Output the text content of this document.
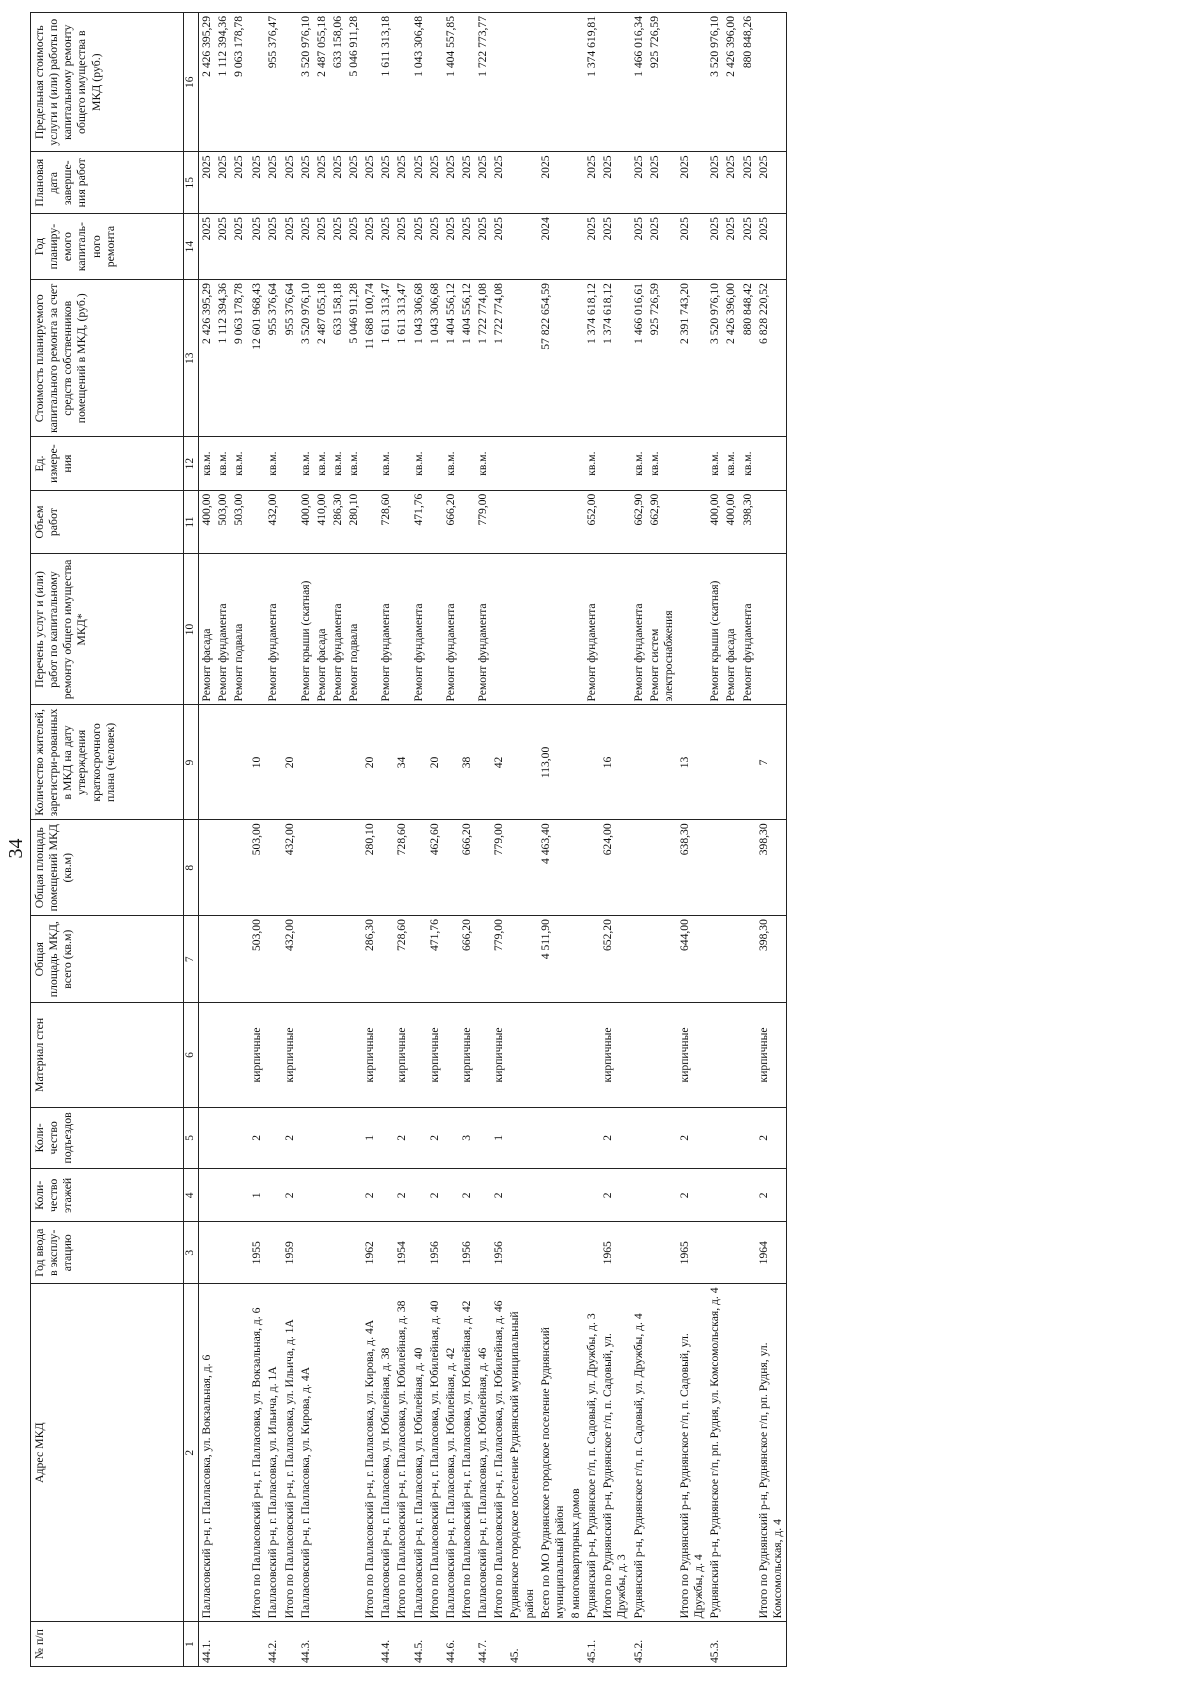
34
№ п/п	Адрес МКД	Год ввода в эксплу-атацию	Коли-чество этажей	Коли-чество подъездов	Материал стен	Общая площадь МКД, всего (кв.м)	Общая площадь помещений МКД (кв.м)	Количество жителей, зарегистри-рованных в МКД на дату утверждения краткосрочного плана (человек)	Перечень услуг и (или) работ по капитальному ремонту общего имущества МКД*	Объем работ	Ед. измере-ния	Стоимость планируемого капитального ремонта за счет средств собственников помещений в МКД, (руб.)	Год планиру-емого капиталь-ного ремонта	Плановая дата заверше-ния работ	Предельная стоимость услуги и (или) работы по капитальному ремонту общего имущества в МКД (руб.)
1	2	3	4	5	6	7	8	9	10	11	12	13	14	15	16
44.1.	Палласовский р-н, г. Палласовка, ул. Вокзальная, д. 6								Ремонт фасада	400,00	кв.м.	2 426 395,29	2025	2025	2 426 395,29
									Ремонт фундамента	503,00	кв.м.	1 112 394,36	2025	2025	1 112 394,36
									Ремонт подвала	503,00	кв.м.	9 063 178,78	2025	2025	9 063 178,78

	Итого по Палласовский р-н, г. Палласовка, ул. Вокзальная, д. 6	1955	1	2	кирпичные	503,00	503,00	10				12 601 968,43	2025	2025	
44.2.	Палласовский р-н, г. Палласовка, ул. Ильича, д. 1А								Ремонт фундамента	432,00	кв.м.	955 376,64	2025	2025	955 376,47
	Итого по Палласовский р-н, г. Палласовка, ул. Ильича, д. 1А	1959	2	2	кирпичные	432,00	432,00	20				955 376,64	2025	2025	
44.3.	Палласовский р-н, г. Палласовка, ул. Кирова, д. 4А								Ремонт крыши (скатная)	400,00	кв.м.	3 520 976,10	2025	2025	3 520 976,10
									Ремонт фасада	410,00	кв.м.	2 487 055,18	2025	2025	2 487 055,18
									Ремонт фундамента	286,30	кв.м.	633 158,18	2025	2025	633 158,06
									Ремонт подвала	280,10	кв.м.	5 046 911,28	2025	2025	5 046 911,28
	Итого по Палласовский р-н, г. Палласовка, ул. Кирова, д. 4А	1962	2	1	кирпичные	286,30	280,10	20				11 688 100,74	2025	2025	
44.4.	Палласовский р-н, г. Палласовка, ул. Юбилейная, д. 38								Ремонт фундамента	728,60	кв.м.	1 611 313,47	2025	2025	1 611 313,18
	Итого по Палласовский р-н, г. Палласовка, ул. Юбилейная, д. 38	1954	2	2	кирпичные	728,60	728,60	34				1 611 313,47	2025	2025	
44.5.	Палласовский р-н, г. Палласовка, ул. Юбилейная, д. 40								Ремонт фундамента	471,76	кв.м.	1 043 306,68	2025	2025	1 043 306,48
	Итого по Палласовский р-н, г. Палласовка, ул. Юбилейная, д. 40	1956	2	2	кирпичные	471,76	462,60	20				1 043 306,68	2025	2025	
44.6.	Палласовский р-н, г. Палласовка, ул. Юбилейная, д. 42								Ремонт фундамента	666,20	кв.м.	1 404 556,12	2025	2025	1 404 557,85
	Итого по Палласовский р-н, г. Палласовка, ул. Юбилейная, д. 42	1956	2	3	кирпичные	666,20	666,20	38				1 404 556,12	2025	2025	
44.7.	Палласовский р-н, г. Палласовка, ул. Юбилейная, д. 46								Ремонт фундамента	779,00	кв.м.	1 722 774,08	2025	2025	1 722 773,77
	Итого по Палласовский р-н, г. Палласовка, ул. Юбилейная, д. 46	1956	2	1	кирпичные	779,00	779,00	42				1 722 774,08	2025	2025	
45.	Руднянское городское поселение Руднянский муниципальный район														
	Всего по МО Руднянское городское поселение Руднянский муниципальный район					4 511,90	4 463,40	113,00				57 822 654,59	2024	2025	
	8 многоквартирных домов														
45.1.	Руднянский р-н, Руднянское г/п, п. Садовый, ул. Дружбы, д. 3								Ремонт фундамента	652,00	кв.м.	1 374 618,12	2025	2025	1 374 619,81
	Итого по Руднянский р-н, Руднянское г/п, п. Садовый, ул. Дружбы, д. 3	1965	2	2	кирпичные	652,20	624,00	16				1 374 618,12	2025	2025	
45.2.	Руднянский р-н, Руднянское г/п, п. Садовый, ул. Дружбы, д. 4								Ремонт фундамента	662,90	кв.м.	1 466 016,61	2025	2025	1 466 016,34
									Ремонт систем электроснабжения	662,90	кв.м.	925 726,59	2025	2025	925 726,59
	Итого по Руднянский р-н, Руднянское г/п, п. Садовый, ул. Дружбы, д. 4	1965	2	2	кирпичные	644,00	638,30	13				2 391 743,20	2025	2025	
45.3.	Руднянский р-н, Руднянское г/п, рп. Рудня, ул. Комсомольская, д. 4								Ремонт крыши (скатная)	400,00	кв.м.	3 520 976,10	2025	2025	3 520 976,10
									Ремонт фасада	400,00	кв.м.	2 426 396,00	2025	2025	2 426 396,00
									Ремонт фундамента	398,30	кв.м.	880 848,42	2025	2025	880 848,26
	Итого по Руднянский р-н, Руднянское г/п, рп. Рудня, ул. Комсомольская, д. 4	1964	2	2	кирпичные	398,30	398,30	7				6 828 220,52	2025	2025	
